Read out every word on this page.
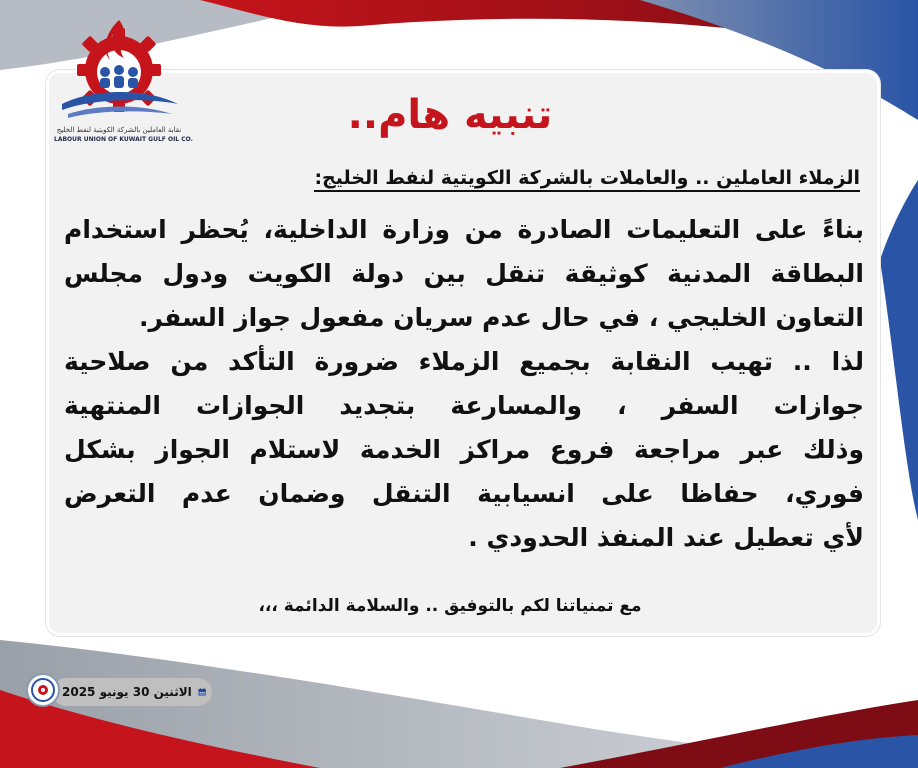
نقابة العاملين بالشركة الكويتية لنفط الخليج
LABOUR UNION OF KUWAIT GULF OIL CO.
تنبيه هام..
الزملاء العاملين .. والعاملات بالشركة الكويتية لنفط الخليج:
بناءً على التعليمات الصادرة من وزارة الداخلية، يُحظر استخدام
البطاقة المدنية كوثيقة تنقل بين دولة الكويت ودول مجلس
التعاون الخليجي ، في حال عدم سريان مفعول جواز السفر.
لذا .. تهيب النقابة بجميع الزملاء ضرورة التأكد من صلاحية
جوازات السفر ، والمسارعة بتجديد الجوازات المنتهية
وذلك عبر مراجعة فروع مراكز الخدمة لاستلام الجواز بشكل
فوري، حفاظا على انسيابية التنقل وضمان عدم التعرض
لأي تعطيل عند المنفذ الحدودي .
مع تمنياتنا لكم بالتوفيق .. والسلامة الدائمة ،،،
الاثنين 30 يونيو 2025
